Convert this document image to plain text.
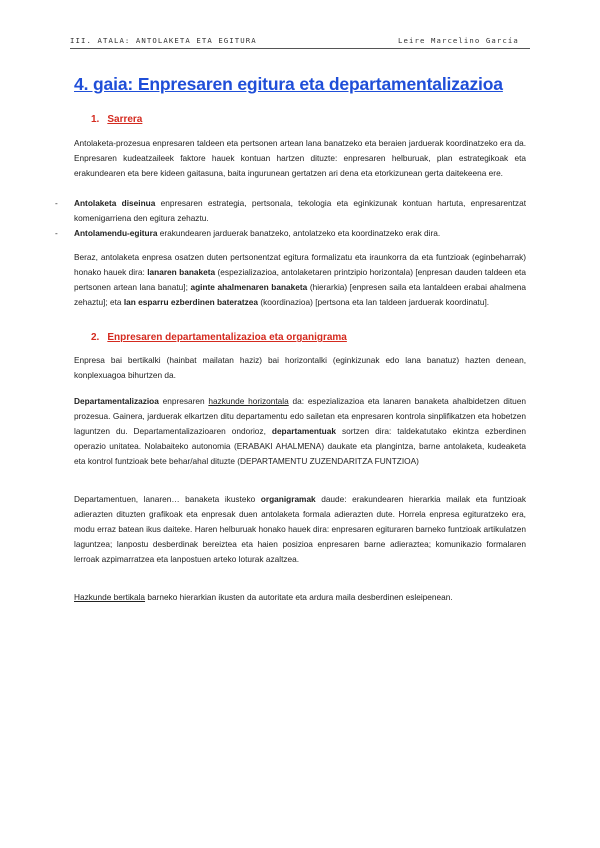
III. ATALA: ANTOLAKETA ETA EGITURA	Leire Marcelino García
4. gaia: Enpresaren egitura eta departamentalizazioa
1. Sarrera

Antolaketa-prozesua enpresaren taldeen eta pertsonen artean lana banatzeko eta beraien jarduerak koordinatzeko era da. Enpresaren kudeatzaileek faktore hauek kontuan hartzen dituzte: enpresaren helburuak, plan estrategikoak eta erakundearen eta bere kideen gaitasuna, baita ingurunean gertatzen ari dena eta etorkizunean gerta daitekeena ere.

- Antolaketa diseinua enpresaren estrategia, pertsonala, tekologia eta eginkizunak kontuan hartuta, enpresarentzat komenigarriena den egitura zehaztu.
- Antolamendu-egitura erakundearen jarduerak banatzeko, antolatzeko eta koordinatzeko erak dira.

Beraz, antolaketa enpresa osatzen duten pertsonentzat egitura formalizatu eta iraunkorra da eta funtzioak (eginbeharrak) honako hauek dira: lanaren banaketa (espezializazioa, antolaketaren printzipio horizontala) [enpresan dauden taldeen eta pertsonen artean lana banatu]; aginte ahalmenaren banaketa (hierarkia) [enpresen saila eta lantaldeen erabai ahalmena zehaztu]; eta lan esparru ezberdinen bateratzea (koordinazioa) [pertsona eta lan taldeen jarduerak koordinatu].

2. Enpresaren departamentalizazioa eta organigrama

Enpresa bai bertikalki (hainbat mailatan haziz) bai horizontalki (eginkizunak edo lana banatuz) hazten denean, konplexuagoa bihurtzen da.

Departamentalizazioa enpresaren hazkunde horizontala da: espezializazioa eta lanaren banaketa ahalbidetzen dituen prozesua. Gainera, jarduerak elkartzen ditu departamentu edo sailetan eta enpresaren kontrola sinplifikatzen eta hobetzen laguntzen du. Departamentalizazioaren ondorioz, departamentuak sortzen dira: taldekatutako ekintza ezberdinen operazio unitatea. Nolabaiteko autonomia (ERABAKI AHALMENA) daukate eta plangintza, barne antolaketa, kudeaketa eta kontrol funtzioak bete behar/ahal dituzte (DEPARTAMENTU ZUZENDARITZA FUNTZIOA)

Departamentuen, lanaren… banaketa ikusteko organigramak daude: erakundearen hierarkia mailak eta funtzioak adierazten dituzten grafikoak eta enpresak duen antolaketa formala adierazten dute. Horrela enpresa egituratzeko era, modu erraz batean ikus daiteke. Haren helburuak honako hauek dira: enpresaren egituraren barneko funtzioak artikulatzen laguntzea; lanpostu desberdinak bereiztea eta haien posizioa enpresaren barne adieraztea; komunikazio formalaren lerroak azpimarratzea eta lanpostuen arteko loturak azaltzea.

Hazkunde bertikala barneko hierarkian ikusten da autoritate eta ardura maila desberdinen esleipenean.
